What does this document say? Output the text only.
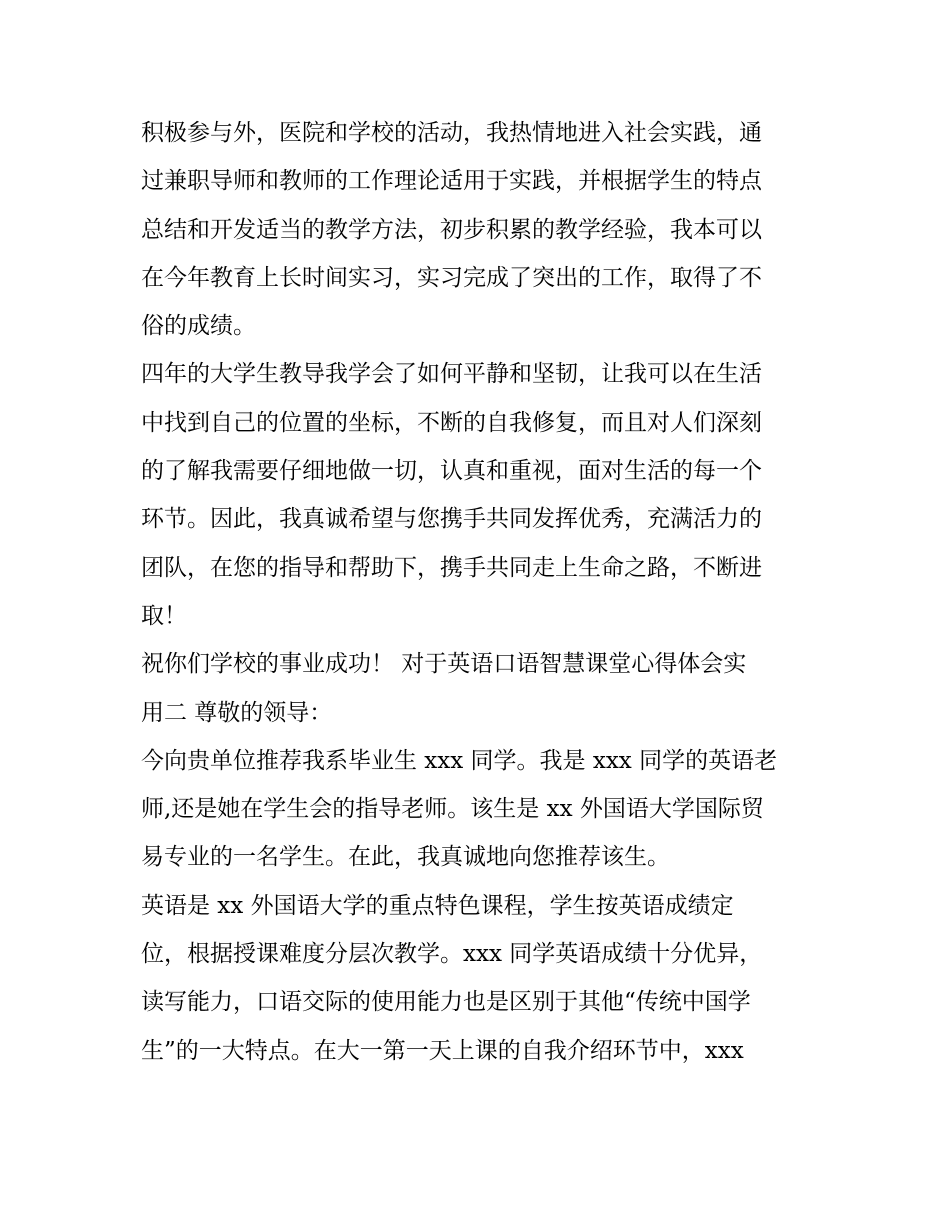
积极参与外，医院和学校的活动，我热情地进入社会实践，通
过兼职导师和教师的工作理论适用于实践，并根据学生的特点
总结和开发适当的教学方法，初步积累的教学经验，我本可以
在今年教育上长时间实习，实习完成了突出的工作，取得了不
俗的成绩。
四年的大学生教导我学会了如何平静和坚韧，让我可以在生活
中找到自己的位置的坐标，不断的自我修复，而且对人们深刻
的了解我需要仔细地做一切，认真和重视，面对生活的每一个
环节。因此，我真诚希望与您携手共同发挥优秀，充满活力的
团队，在您的指导和帮助下，携手共同走上生命之路，不断进
取！
祝你们学校的事业成功！ 对于英语口语智慧课堂心得体会实
用二 尊敬的领导：
今向贵单位推荐我系毕业生 xxx 同学。我是 xxx 同学的英语老
师,还是她在学生会的指导老师。该生是 xx 外国语大学国际贸
易专业的一名学生。在此，我真诚地向您推荐该生。
英语是 xx 外国语大学的重点特色课程，学生按英语成绩定
位，根据授课难度分层次教学。xxx 同学英语成绩十分优异，
读写能力，口语交际的使用能力也是区别于其他“传统中国学
生”的一大特点。在大一第一天上课的自我介绍环节中，xxx
